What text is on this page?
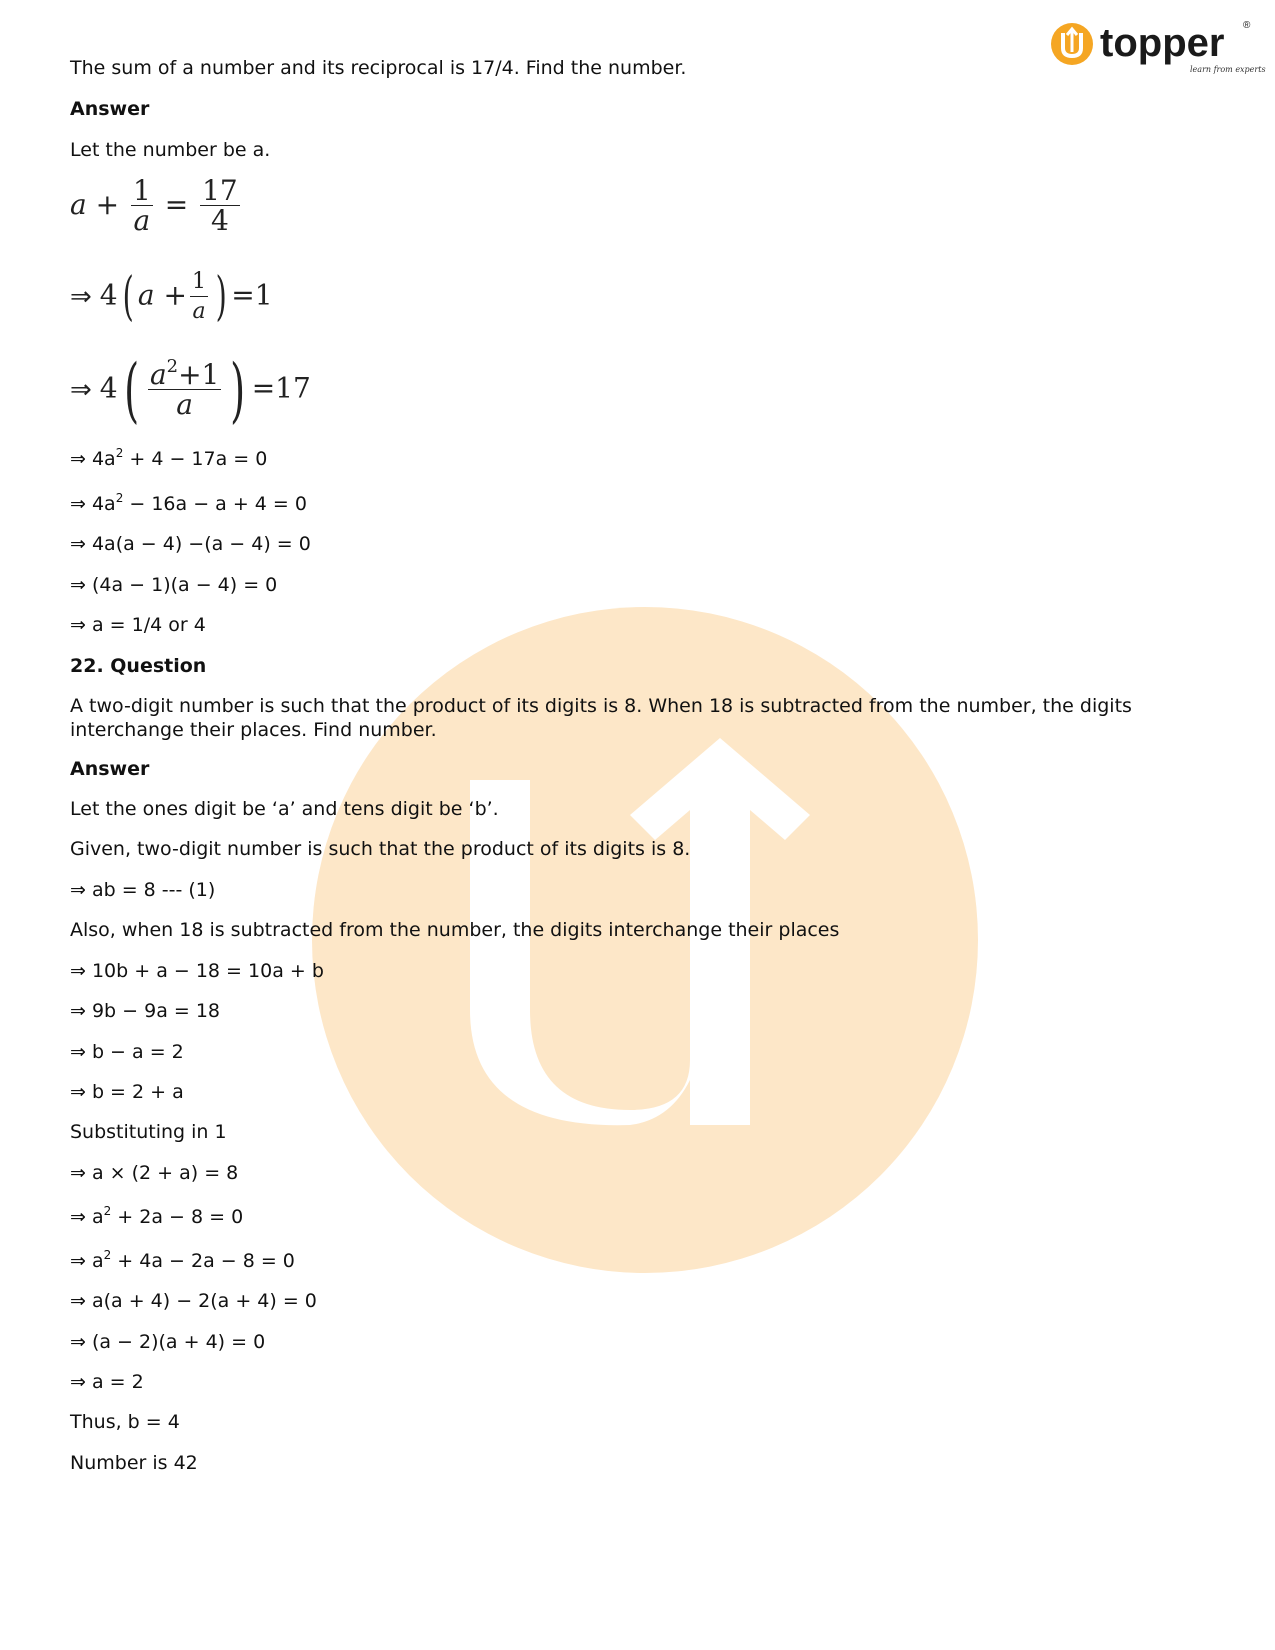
topper ®
learn from experts
The sum of a number and its reciprocal is 17/4. Find the number.
Answer
Let the number be a.
$a + \frac{1}{a} = \frac{17}{4}$
⇒ 4( $a + \frac{1}{a}$ ) =1
⇒ $4( \frac{a^2+1}{a}$ ) =17
⇒ $4a^2 + 4 - 17a = 0$
⇒ $4a^2 - 16a - a + 4 = 0$
⇒ 4a(a − 4) −(a − 4) = 0
⇒ (4a − 1)(a − 4) = 0
⇒ a = 1/4 or 4
22. Question
A two-digit number is such that the product of its digits is 8. When 18 is subtracted from the number, the digits interchange their places. Find number.
Answer
Let the ones digit be ‘a’ and tens digit be ‘b’.
Given, two-digit number is such that the product of its digits is 8.
⇒ ab = 8 --- (1)
Also, when 18 is subtracted from the number, the digits interchange their places
⇒ 10b + a − 18 = 10a + b
⇒ 9b − 9a = 18
⇒ b − a = 2
⇒ b = 2 + a
Substituting in 1
⇒ a × (2 + a) = 8
⇒ $a^2 + 2a - 8 = 0$
⇒ $a^2 + 4a - 2a - 8 = 0$
⇒ a(a + 4) − 2(a + 4) = 0
⇒ (a − 2)(a + 4) = 0
⇒ a = 2
Thus, b = 4
Number is 42
